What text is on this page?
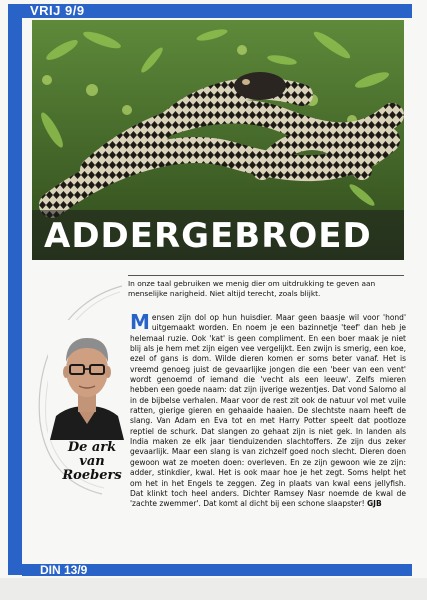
VRIJ 9/9
ADDERGEBROED
In onze taal gebruiken we menig dier om uitdrukking te geven aan menselijke narigheid. Niet altijd terecht, zoals blijkt.
De ark
van
Roebers
Mensen zijn dol op hun huisdier. Maar geen baasje wil voor 'hond' uitgemaakt worden. En noem je een bazinnetje 'teef' dan heb je helemaal ruzie. Ook 'kat' is geen compliment. En een boer maak je niet blij als je hem met zijn eigen vee vergelijkt. Een zwijn is smerig, een koe, ezel of gans is dom. Wilde dieren komen er soms beter vanaf. Het is vreemd genoeg juist de gevaarlijke jongen die een 'beer van een vent' wordt genoemd of iemand die 'vecht als een leeuw'. Zelfs mieren hebben een goede naam: dat zijn ijverige wezentjes. Dat vond Salomo al in de bijbelse verhalen. Maar voor de rest zit ook de natuur vol met vuile ratten, gierige gieren en gehaaide haaien. De slechtste naam heeft de slang. Van Adam en Eva tot en met Harry Potter speelt dat pootloze reptiel de schurk. Dat slangen zo gehaat zijn is niet gek. In landen als India maken ze elk jaar tienduizenden slachtoffers. Ze zijn dus zeker gevaarlijk. Maar een slang is van zichzelf goed noch slecht. Dieren doen gewoon wat ze moeten doen: overleven. En ze zijn gewoon wie ze zijn: adder, stinkdier, kwal. Het is ook maar hoe je het zegt. Soms helpt het om het in het Engels te zeggen. Zeg in plaats van kwal eens jellyfish. Dat klinkt toch heel anders. Dichter Ramsey Nasr noemde de kwal de 'zachte zwemmer'. Dat komt al dicht bij een schone slaapster! GJB
DIN 13/9
